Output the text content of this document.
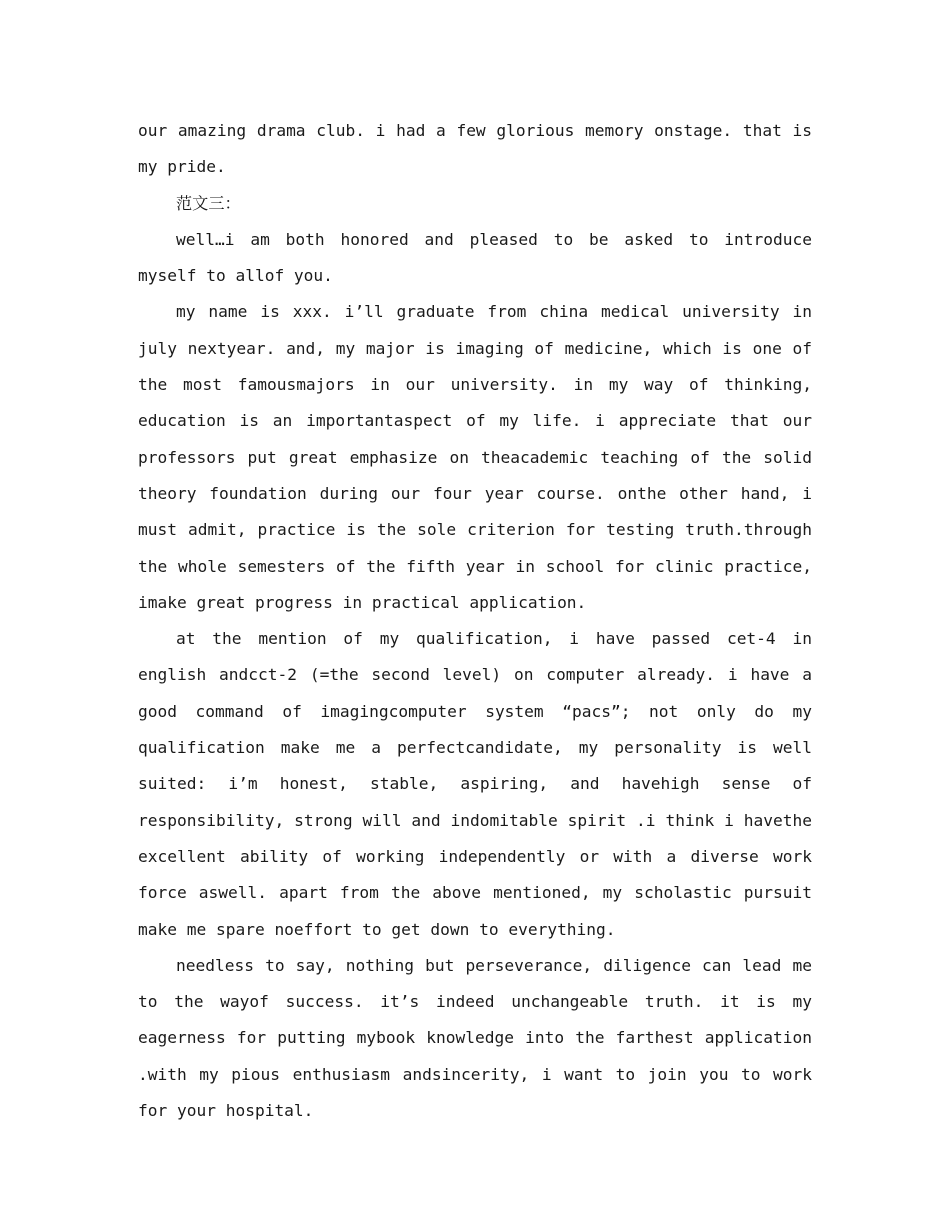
our amazing drama club. i had a few glorious memory onstage. that is my pride.

范文三：

well…i am both honored and pleased to be asked to introduce myself to allof you.

my name is xxx. i’ll graduate from china medical university in july nextyear. and, my major is imaging of medicine, which is one of the most famousmajors in our university. in my way of thinking, education is an importantaspect of my life. i appreciate that our professors put great emphasize on theacademic teaching of the solid theory foundation during our four year course. onthe other hand, i must admit, practice is the sole criterion for testing truth.through the whole semesters of the fifth year in school for clinic practice, imake great progress in practical application.

at the mention of my qualification, i have passed cet-4 in english andcct-2 (=the second level) on computer already. i have a good command of imagingcomputer system “pacs”; not only do my qualification make me a perfectcandidate, my personality is well suited: i’m honest, stable, aspiring, and havehigh sense of responsibility, strong will and indomitable spirit .i think i havethe excellent ability of working independently or with a diverse work force aswell. apart from the above mentioned, my scholastic pursuit make me spare noeffort to get down to everything.

needless to say, nothing but perseverance, diligence can lead me to the wayof success. it’s indeed unchangeable truth. it is my eagerness for putting mybook knowledge into the farthest application .with my pious enthusiasm andsincerity, i want to join you to work for your hospital.
